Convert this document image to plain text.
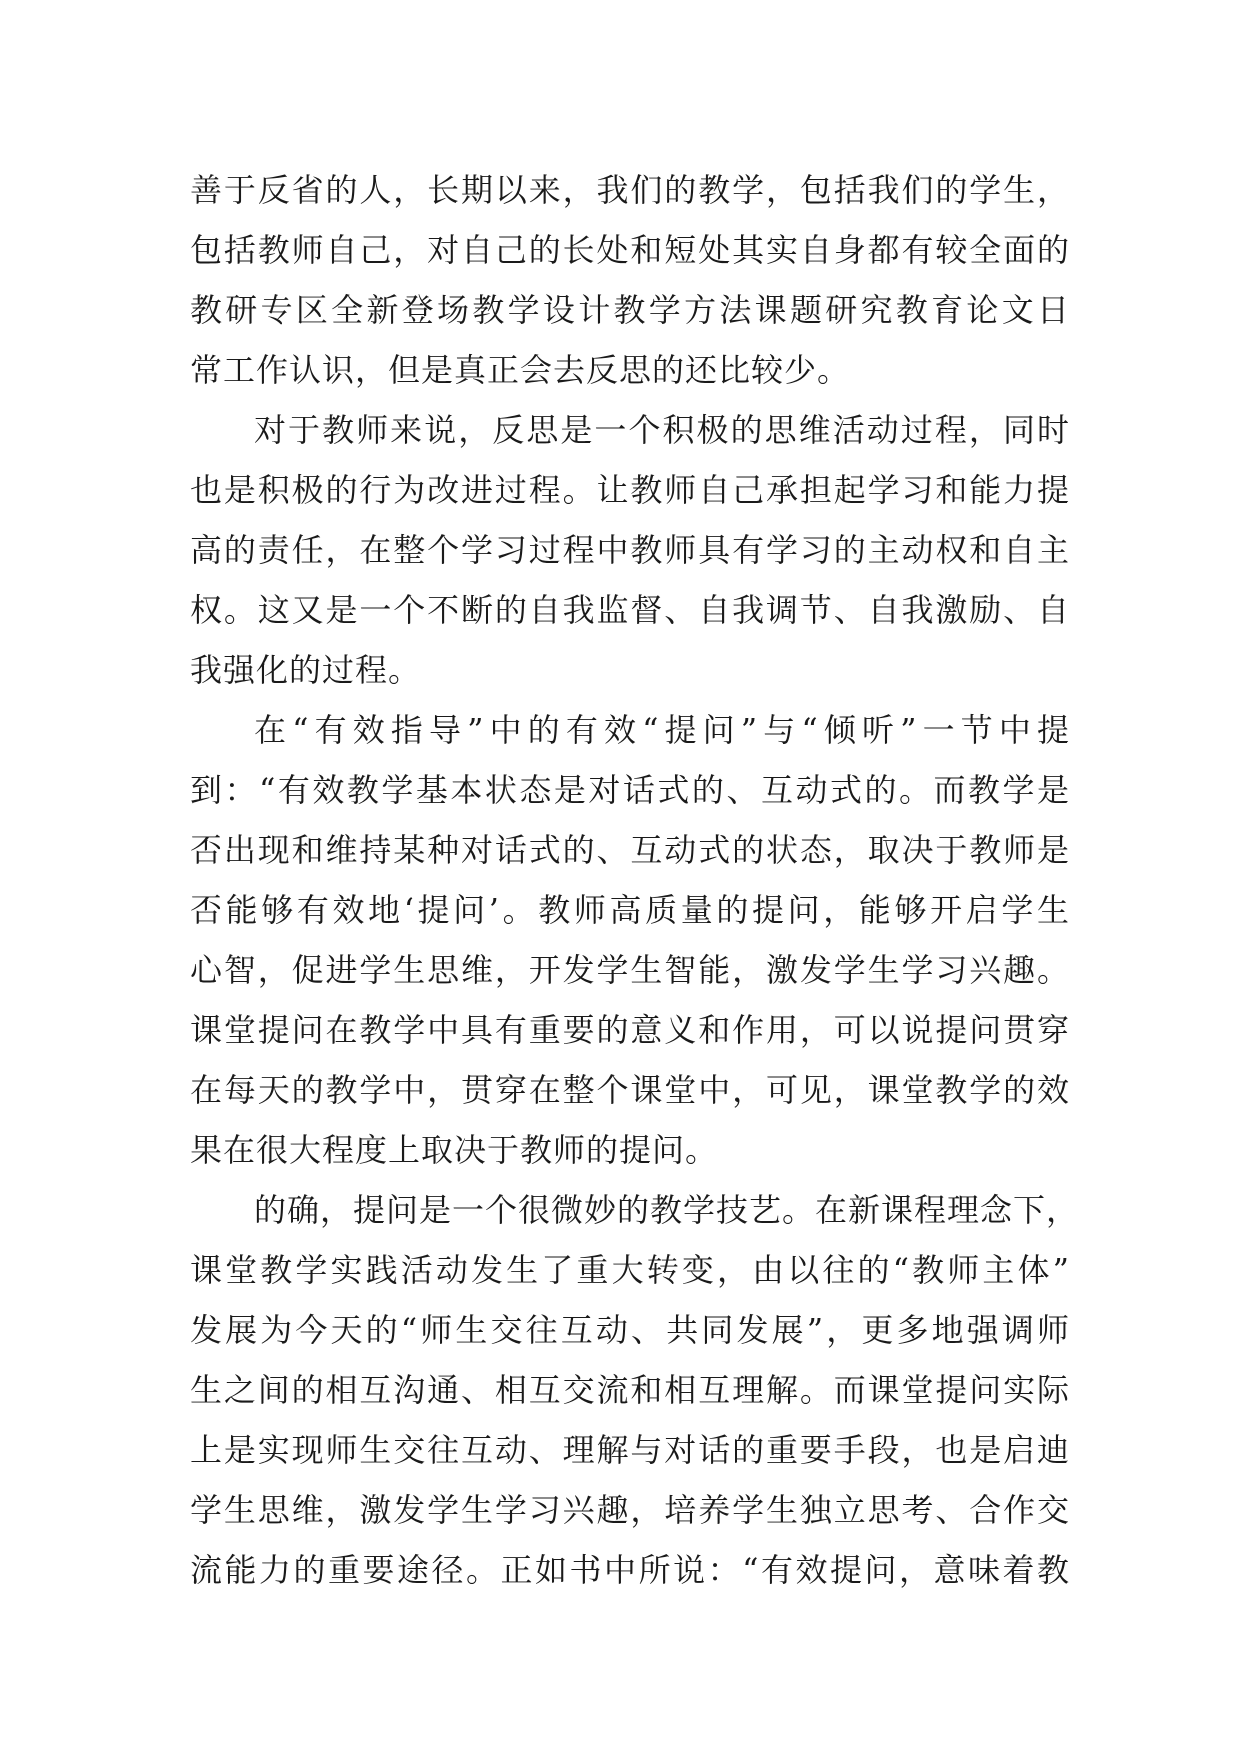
善于反省的人，长期以来，我们的教学，包括我们的学生，
包括教师自己，对自己的长处和短处其实自身都有较全面的
教研专区全新登场教学设计教学方法课题研究教育论文日
常工作认识，但是真正会去反思的还比较少。
对于教师来说，反思是一个积极的思维活动过程，同时
也是积极的行为改进过程。让教师自己承担起学习和能力提
高的责任，在整个学习过程中教师具有学习的主动权和自主
权。这又是一个不断的自我监督、自我调节、自我激励、自
我强化的过程。
在“有效指导”中的有效“提问”与“倾听”一节中提
到：“有效教学基本状态是对话式的、互动式的。而教学是
否出现和维持某种对话式的、互动式的状态，取决于教师是
否能够有效地‘提问’。教师高质量的提问，能够开启学生
心智，促进学生思维，开发学生智能，激发学生学习兴趣。
课堂提问在教学中具有重要的意义和作用，可以说提问贯穿
在每天的教学中，贯穿在整个课堂中，可见，课堂教学的效
果在很大程度上取决于教师的提问。
的确，提问是一个很微妙的教学技艺。在新课程理念下，
课堂教学实践活动发生了重大转变，由以往的“教师主体”
发展为今天的“师生交往互动、共同发展”，更多地强调师
生之间的相互沟通、相互交流和相互理解。而课堂提问实际
上是实现师生交往互动、理解与对话的重要手段，也是启迪
学生思维，激发学生学习兴趣，培养学生独立思考、合作交
流能力的重要途径。正如书中所说：“有效提问，意味着教
